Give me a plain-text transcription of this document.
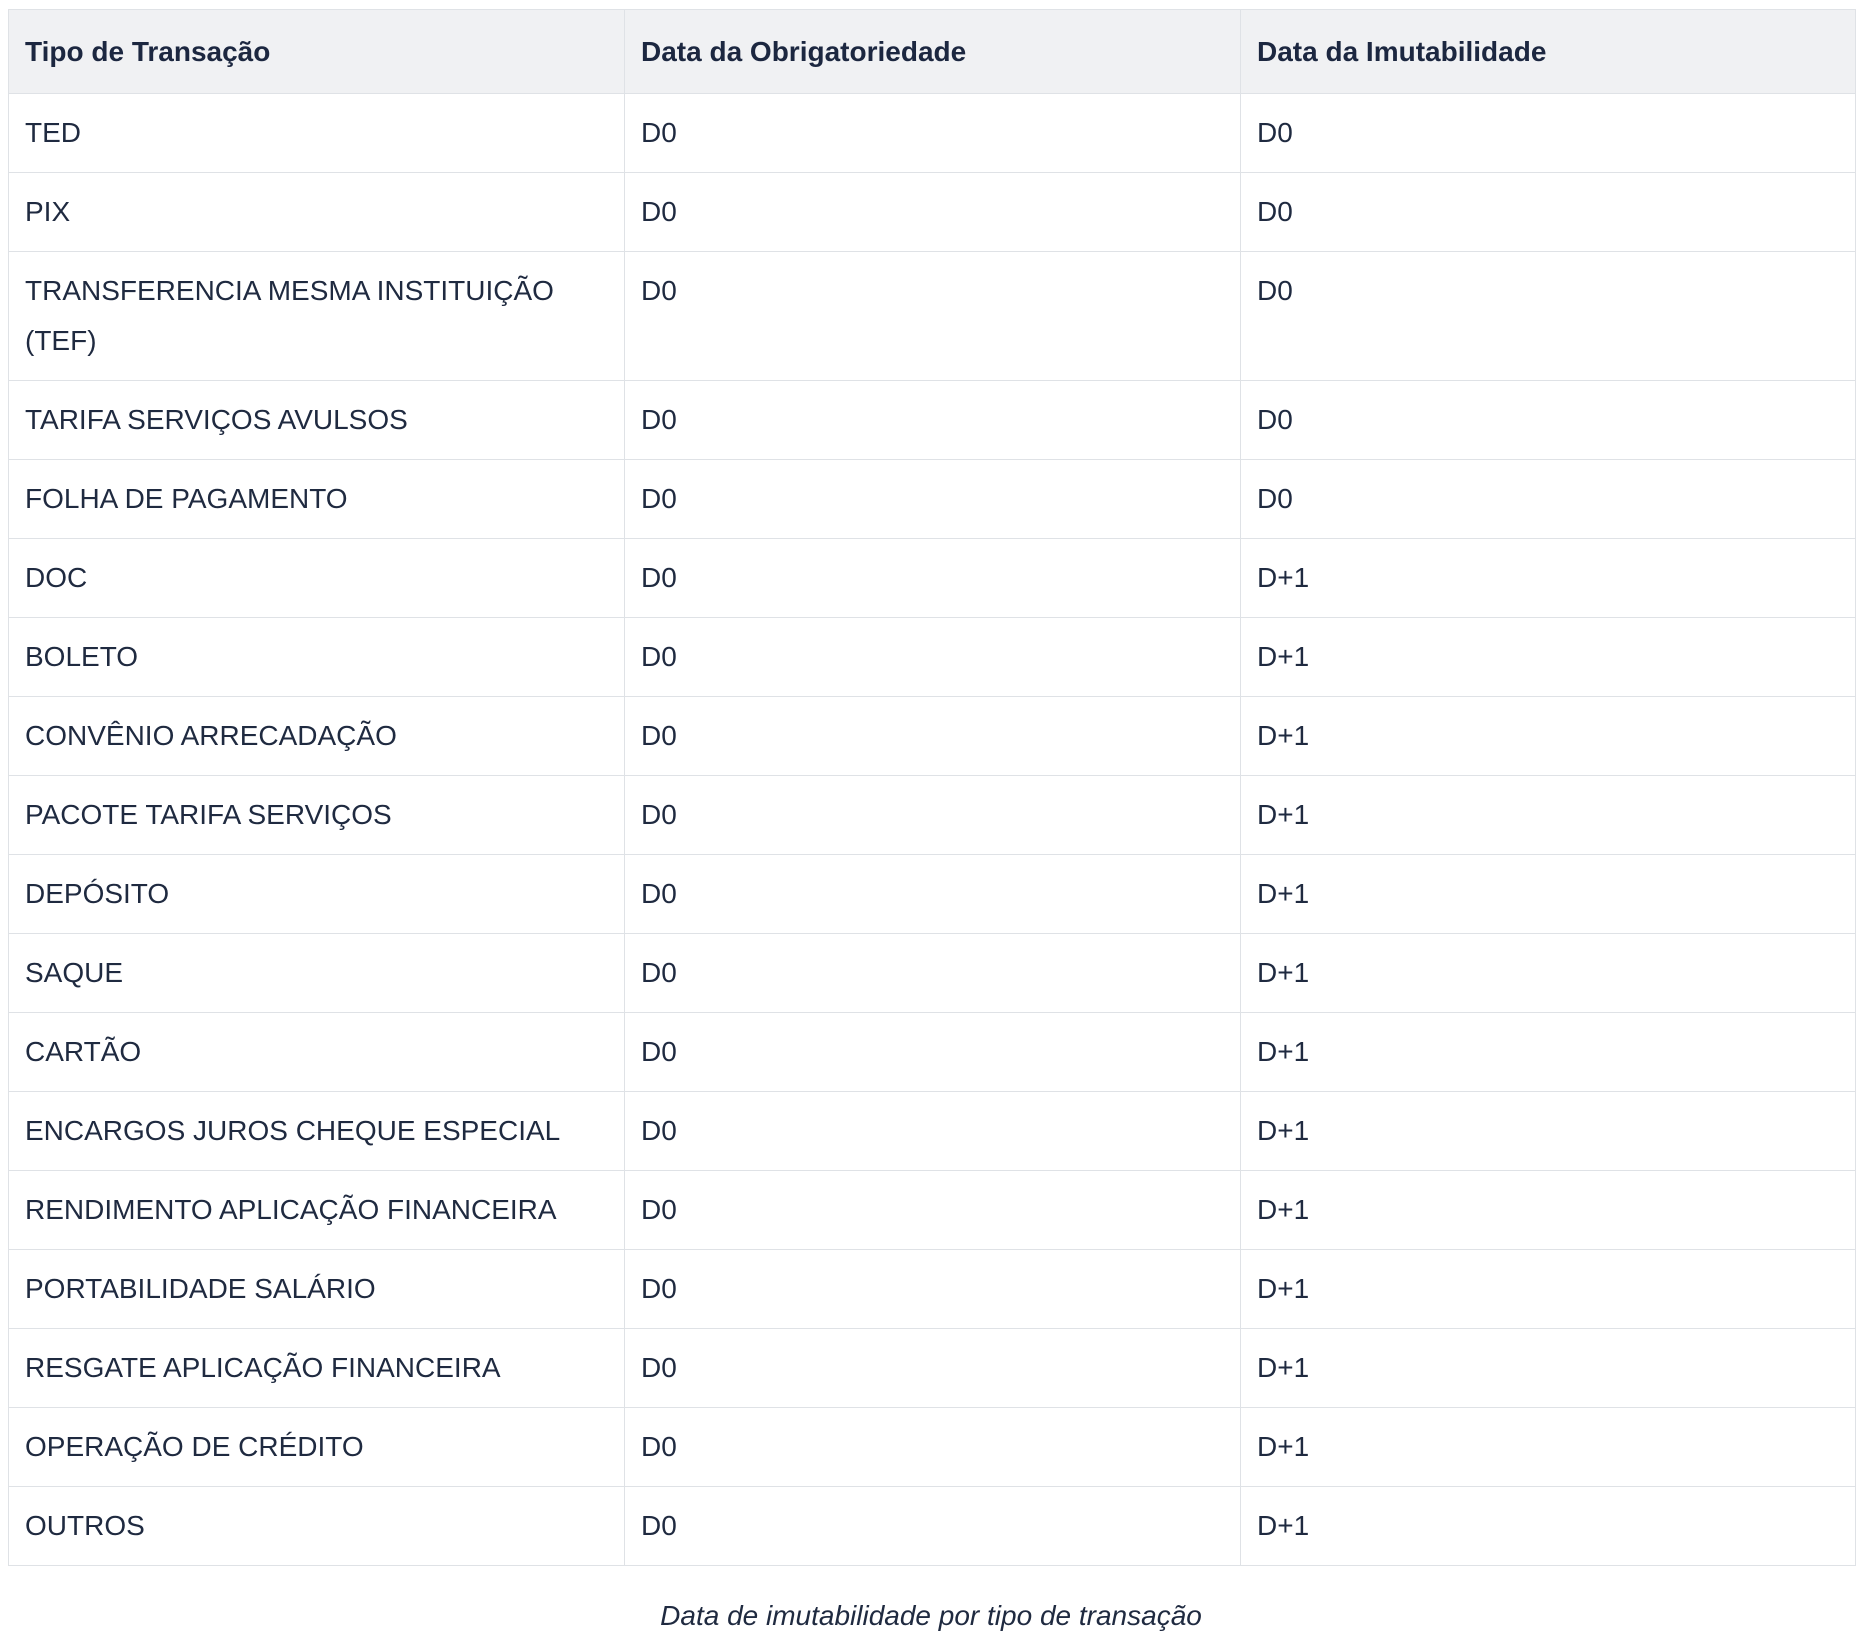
Tipo de Transação	Data da Obrigatoriedade	Data da Imutabilidade
TED	D0	D0
PIX	D0	D0
TRANSFERENCIA MESMA INSTITUIÇÃO (TEF)	D0	D0
TARIFA SERVIÇOS AVULSOS	D0	D0
FOLHA DE PAGAMENTO	D0	D0
DOC	D0	D+1
BOLETO	D0	D+1
CONVÊNIO ARRECADAÇÃO	D0	D+1
PACOTE TARIFA SERVIÇOS	D0	D+1
DEPÓSITO	D0	D+1
SAQUE	D0	D+1
CARTÃO	D0	D+1
ENCARGOS JUROS CHEQUE ESPECIAL	D0	D+1
RENDIMENTO APLICAÇÃO FINANCEIRA	D0	D+1
PORTABILIDADE SALÁRIO	D0	D+1
RESGATE APLICAÇÃO FINANCEIRA	D0	D+1
OPERAÇÃO DE CRÉDITO	D0	D+1
OUTROS	D0	D+1
Data de imutabilidade por tipo de transação
